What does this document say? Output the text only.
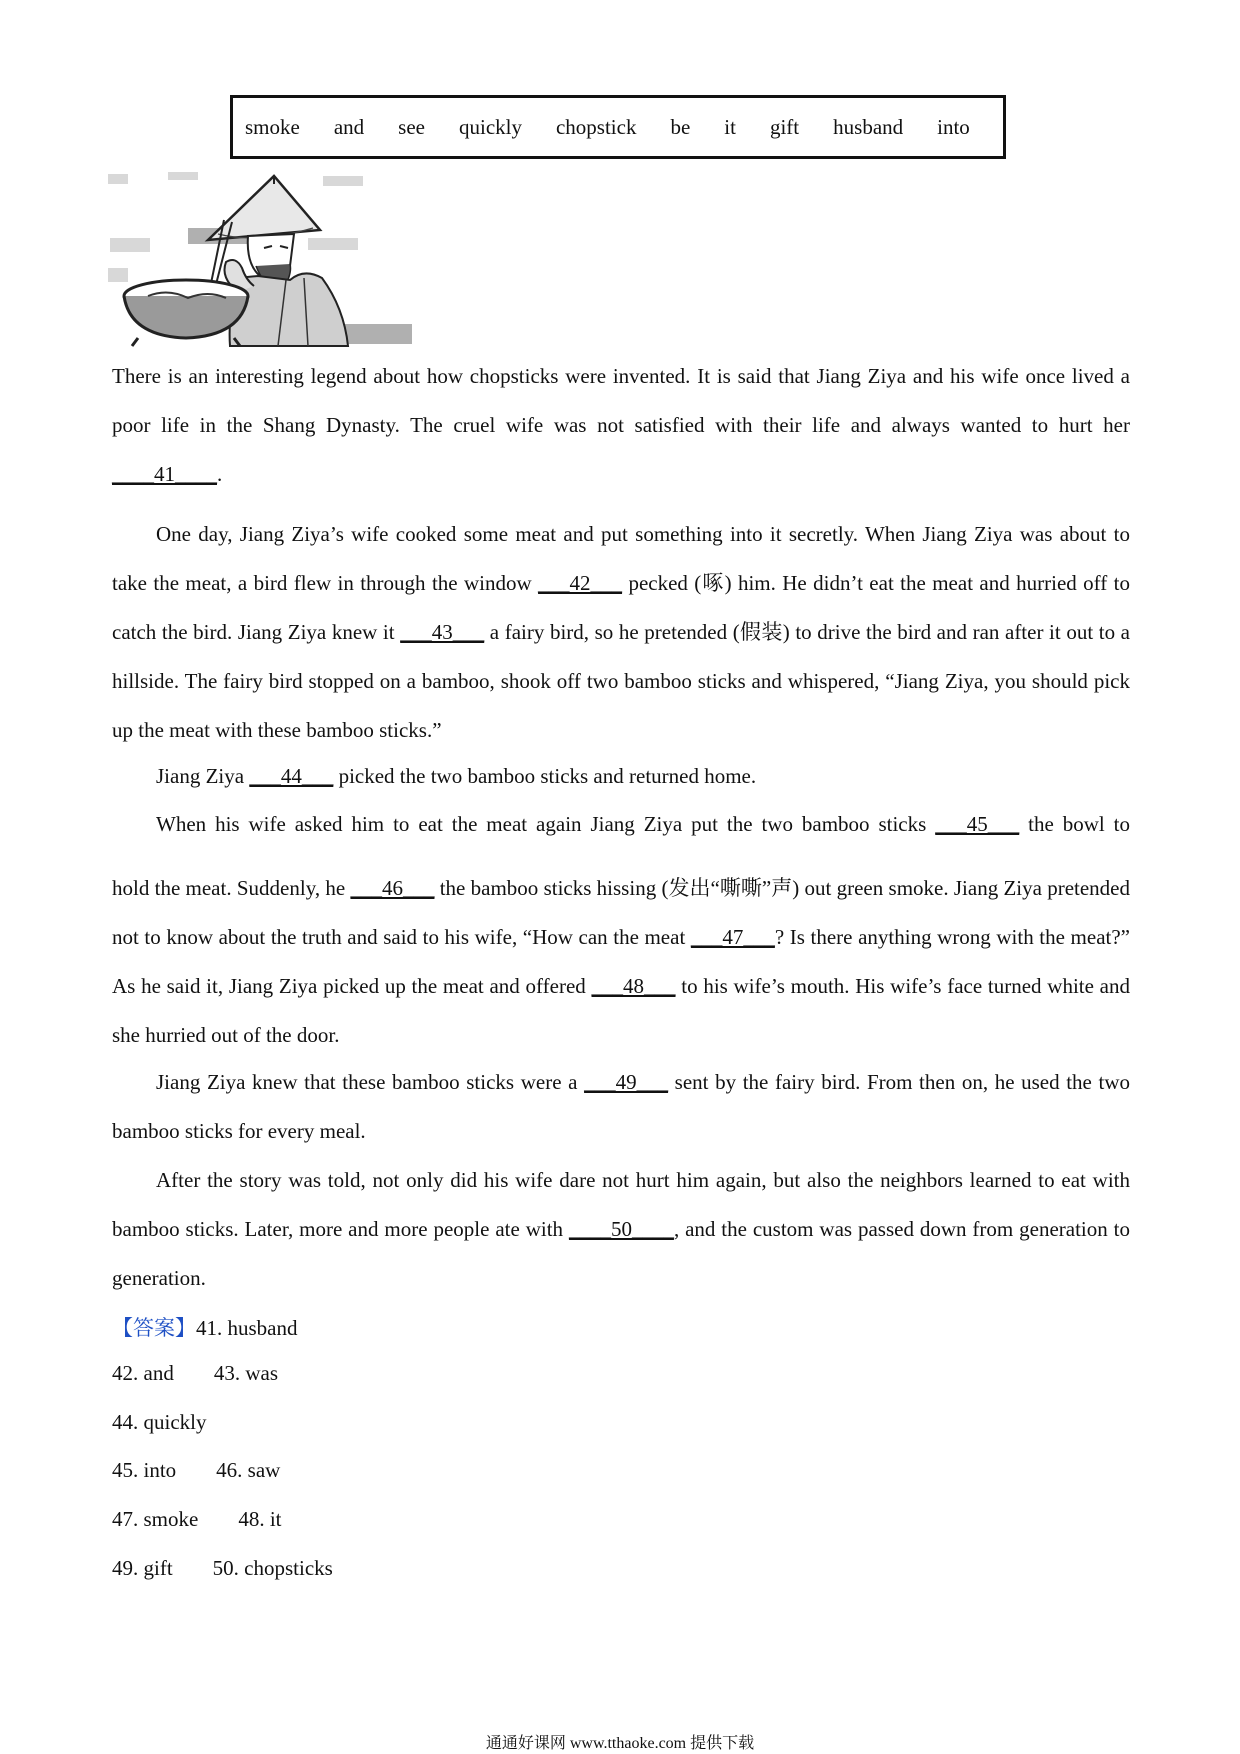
smoke and see quickly chopstick be it gift husband into

There is an interesting legend about how chopsticks were invented. It is said that Jiang Ziya and his wife once lived a poor life in the Shang Dynasty. The cruel wife was not satisfied with their life and always wanted to hurt her ____41____.

One day, Jiang Ziya’s wife cooked some meat and put something into it secretly. When Jiang Ziya was about to take the meat, a bird flew in through the window ___42___ pecked (啄) him. He didn’t eat the meat and hurried off to catch the bird. Jiang Ziya knew it ___43___ a fairy bird, so he pretended (假装) to drive the bird and ran after it out to a hillside. The fairy bird stopped on a bamboo, shook off two bamboo sticks and whispered, “Jiang Ziya, you should pick up the meat with these bamboo sticks.”

Jiang Ziya ___44___ picked the two bamboo sticks and returned home.

When his wife asked him to eat the meat again Jiang Ziya put the two bamboo sticks ___45___ the bowl to

hold the meat. Suddenly, he ___46___ the bamboo sticks hissing (发出“嘶嘶”声) out green smoke. Jiang Ziya pretended not to know about the truth and said to his wife, “How can the meat ___47___? Is there anything wrong with the meat?” As he said it, Jiang Ziya picked up the meat and offered ___48___ to his wife’s mouth. His wife’s face turned white and she hurried out of the door.

Jiang Ziya knew that these bamboo sticks were a ___49___ sent by the fairy bird. From then on, he used the two bamboo sticks for every meal.

After the story was told, not only did his wife dare not hurt him again, but also the neighbors learned to eat with bamboo sticks. Later, more and more people ate with ____50____, and the custom was passed down from generation to generation.

【答案】41. husband
42. and 43. was
44. quickly
45. into 46. saw
47. smoke 48. it
49. gift 50. chopsticks
通通好课网 www.tthaoke.com 提供下载
